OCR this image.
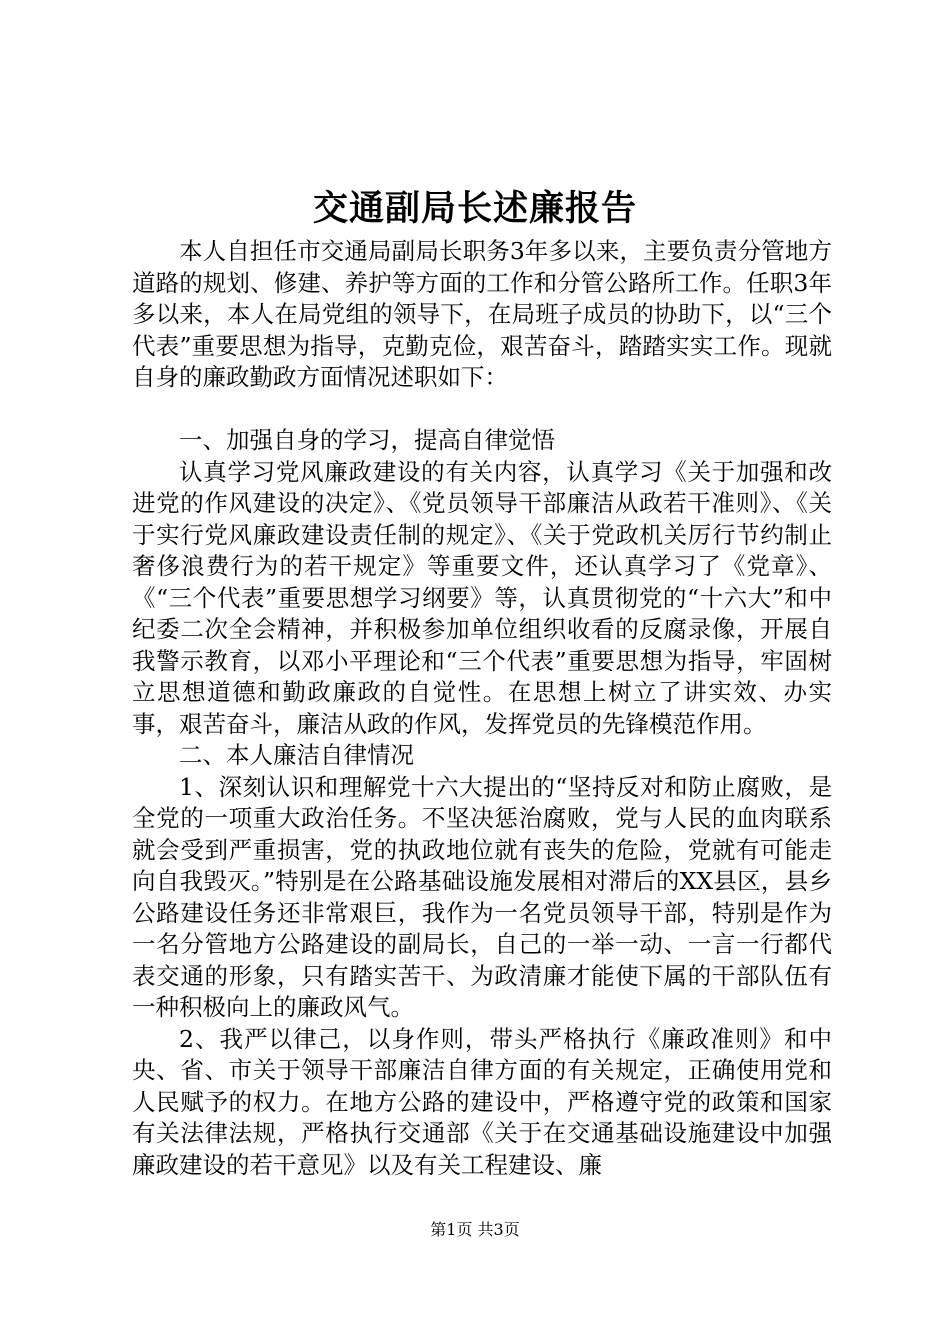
交通副局长述廉报告

本人自担任市交通局副局长职务3年多以来，主要负责分管地方道路的规划、修建、养护等方面的工作和分管公路所工作。任职3年多以来，本人在局党组的领导下，在局班子成员的协助下，以“三个代表”重要思想为指导，克勤克俭，艰苦奋斗，踏踏实实工作。现就自身的廉政勤政方面情况述职如下：

一、加强自身的学习，提高自律觉悟

认真学习党风廉政建设的有关内容，认真学习《关于加强和改进党的作风建设的决定》、《党员领导干部廉洁从政若干准则》、《关于实行党风廉政建设责任制的规定》、《关于党政机关厉行节约制止奢侈浪费行为的若干规定》等重要文件，还认真学习了《党章》、《“三个代表”重要思想学习纲要》等，认真贯彻党的“十六大”和中纪委二次全会精神，并积极参加单位组织收看的反腐录像，开展自我警示教育，以邓小平理论和“三个代表”重要思想为指导，牢固树立思想道德和勤政廉政的自觉性。在思想上树立了讲实效、办实事，艰苦奋斗，廉洁从政的作风，发挥党员的先锋模范作用。

二、本人廉洁自律情况

1、深刻认识和理解党十六大提出的“坚持反对和防止腐败，是全党的一项重大政治任务。不坚决惩治腐败，党与人民的血肉联系就会受到严重损害，党的执政地位就有丧失的危险，党就有可能走向自我毁灭。”特别是在公路基础设施发展相对滞后的XX县区，县乡公路建设任务还非常艰巨，我作为一名党员领导干部，特别是作为一名分管地方公路建设的副局长，自己的一举一动、一言一行都代表交通的形象，只有踏实苦干、为政清廉才能使下属的干部队伍有一种积极向上的廉政风气。

2、我严以律己，以身作则，带头严格执行《廉政准则》和中央、省、市关于领导干部廉洁自律方面的有关规定，正确使用党和人民赋予的权力。在地方公路的建设中，严格遵守党的政策和国家有关法律法规，严格执行交通部《关于在交通基础设施建设中加强廉政建设的若干意见》以及有关工程建设、廉

第1页 共3页
